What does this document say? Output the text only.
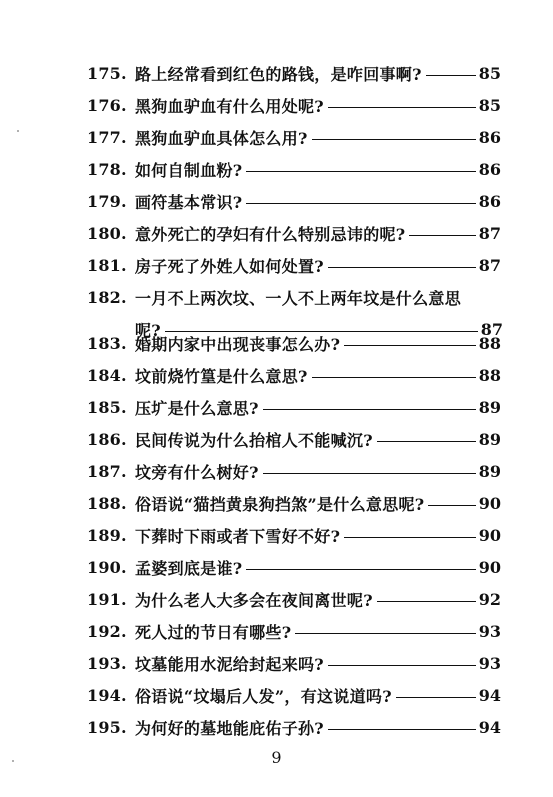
175. 路上经常看到红色的路钱，是咋回事啊?	85
176. 黑狗血驴血有什么用处呢?	85
177. 黑狗血驴血具体怎么用?	86
178. 如何自制血粉?	86
179. 画符基本常识?	86
180. 意外死亡的孕妇有什么特别忌讳的呢?	87
181. 房子死了外姓人如何处置?	87
182. 一月不上两次坟、一人不上两年坟是什么意思
呢?	87
183. 婚期内家中出现丧事怎么办?	88
184. 坟前烧竹篁是什么意思?	88
185. 压圹是什么意思?	89
186. 民间传说为什么抬棺人不能喊沉?	89
187. 坟旁有什么树好?	89
188. 俗语说“猫挡黄泉狗挡煞”是什么意思呢?	90
189. 下葬时下雨或者下雪好不好?	90
190. 孟婆到底是谁?	90
191. 为什么老人大多会在夜间离世呢?	92
192. 死人过的节日有哪些?	93
193. 坟墓能用水泥给封起来吗?	93
194. 俗语说“坟塌后人发”，有这说道吗?	94
195. 为何好的墓地能庇佑子孙?	94
9
